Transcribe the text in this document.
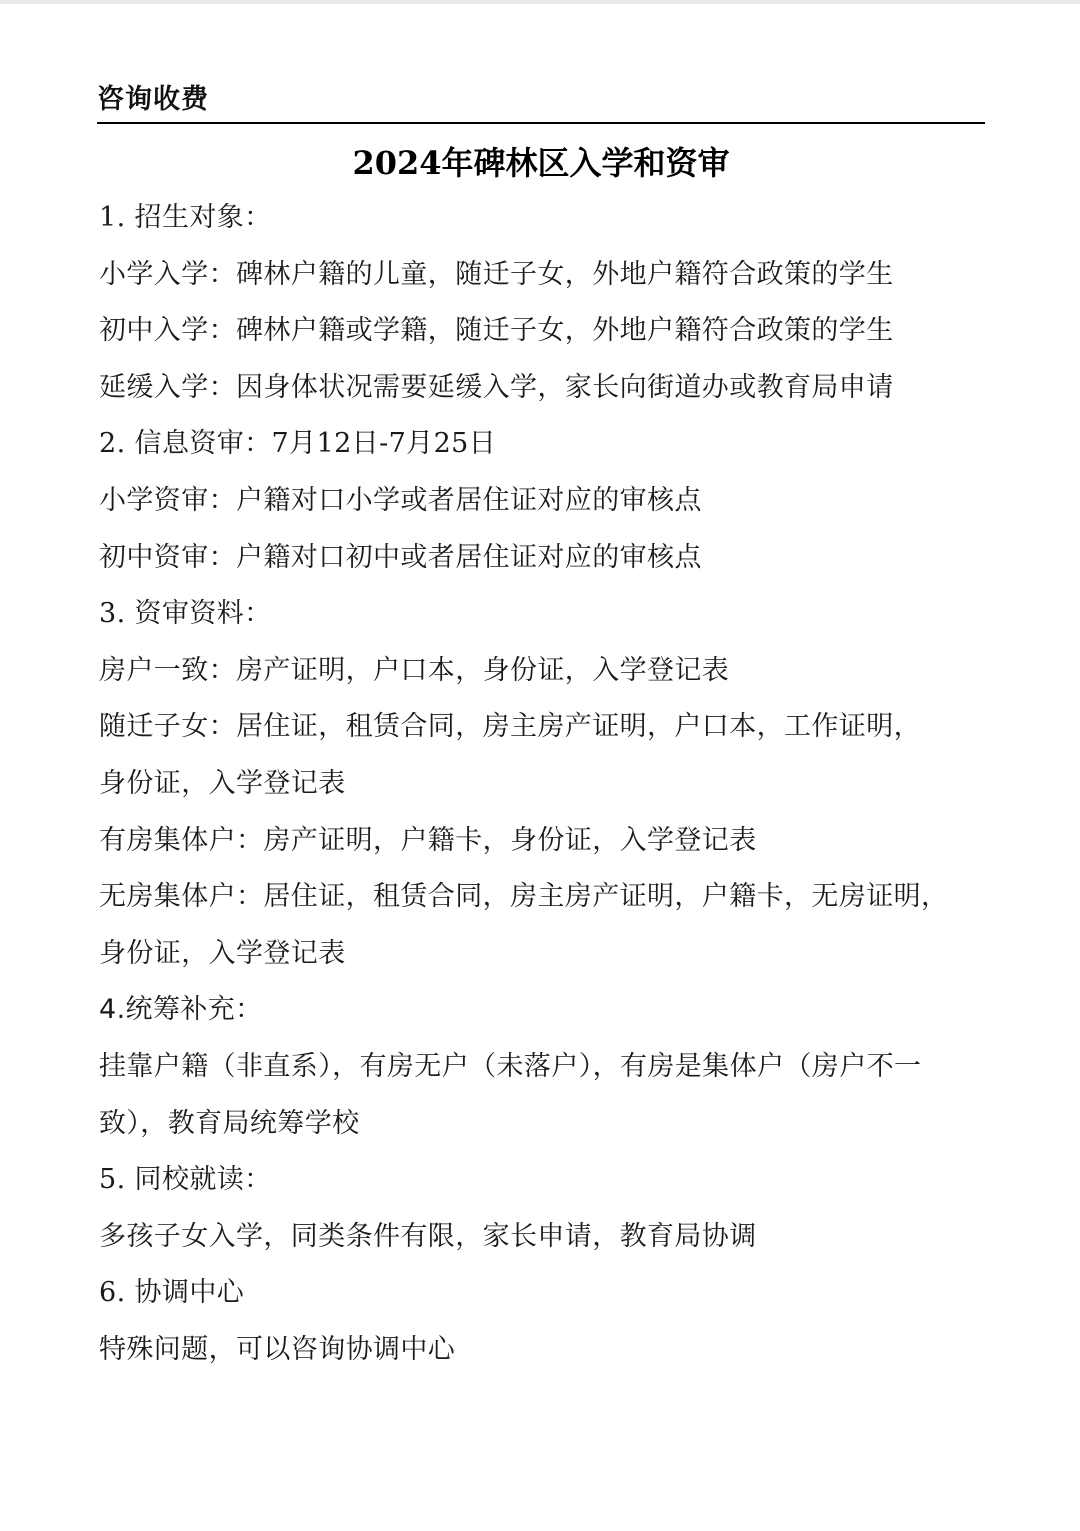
咨询收费
2024年碑林区入学和资审
1. 招生对象：
小学入学：碑林户籍的儿童，随迁子女，外地户籍符合政策的学生
初中入学：碑林户籍或学籍，随迁子女，外地户籍符合政策的学生
延缓入学：因身体状况需要延缓入学，家长向街道办或教育局申请
2. 信息资审：7月12日-7月25日
小学资审：户籍对口小学或者居住证对应的审核点
初中资审：户籍对口初中或者居住证对应的审核点
3. 资审资料：
房户一致：房产证明，户口本，身份证，入学登记表
随迁子女：居住证，租赁合同，房主房产证明，户口本，工作证明，
身份证，入学登记表
有房集体户：房产证明，户籍卡，身份证，入学登记表
无房集体户：居住证，租赁合同，房主房产证明，户籍卡，无房证明，
身份证，入学登记表
4.统筹补充：
挂靠户籍（非直系），有房无户（未落户），有房是集体户（房户不一
致），教育局统筹学校
5. 同校就读：
多孩子女入学，同类条件有限，家长申请，教育局协调
6. 协调中心
特殊问题，可以咨询协调中心
